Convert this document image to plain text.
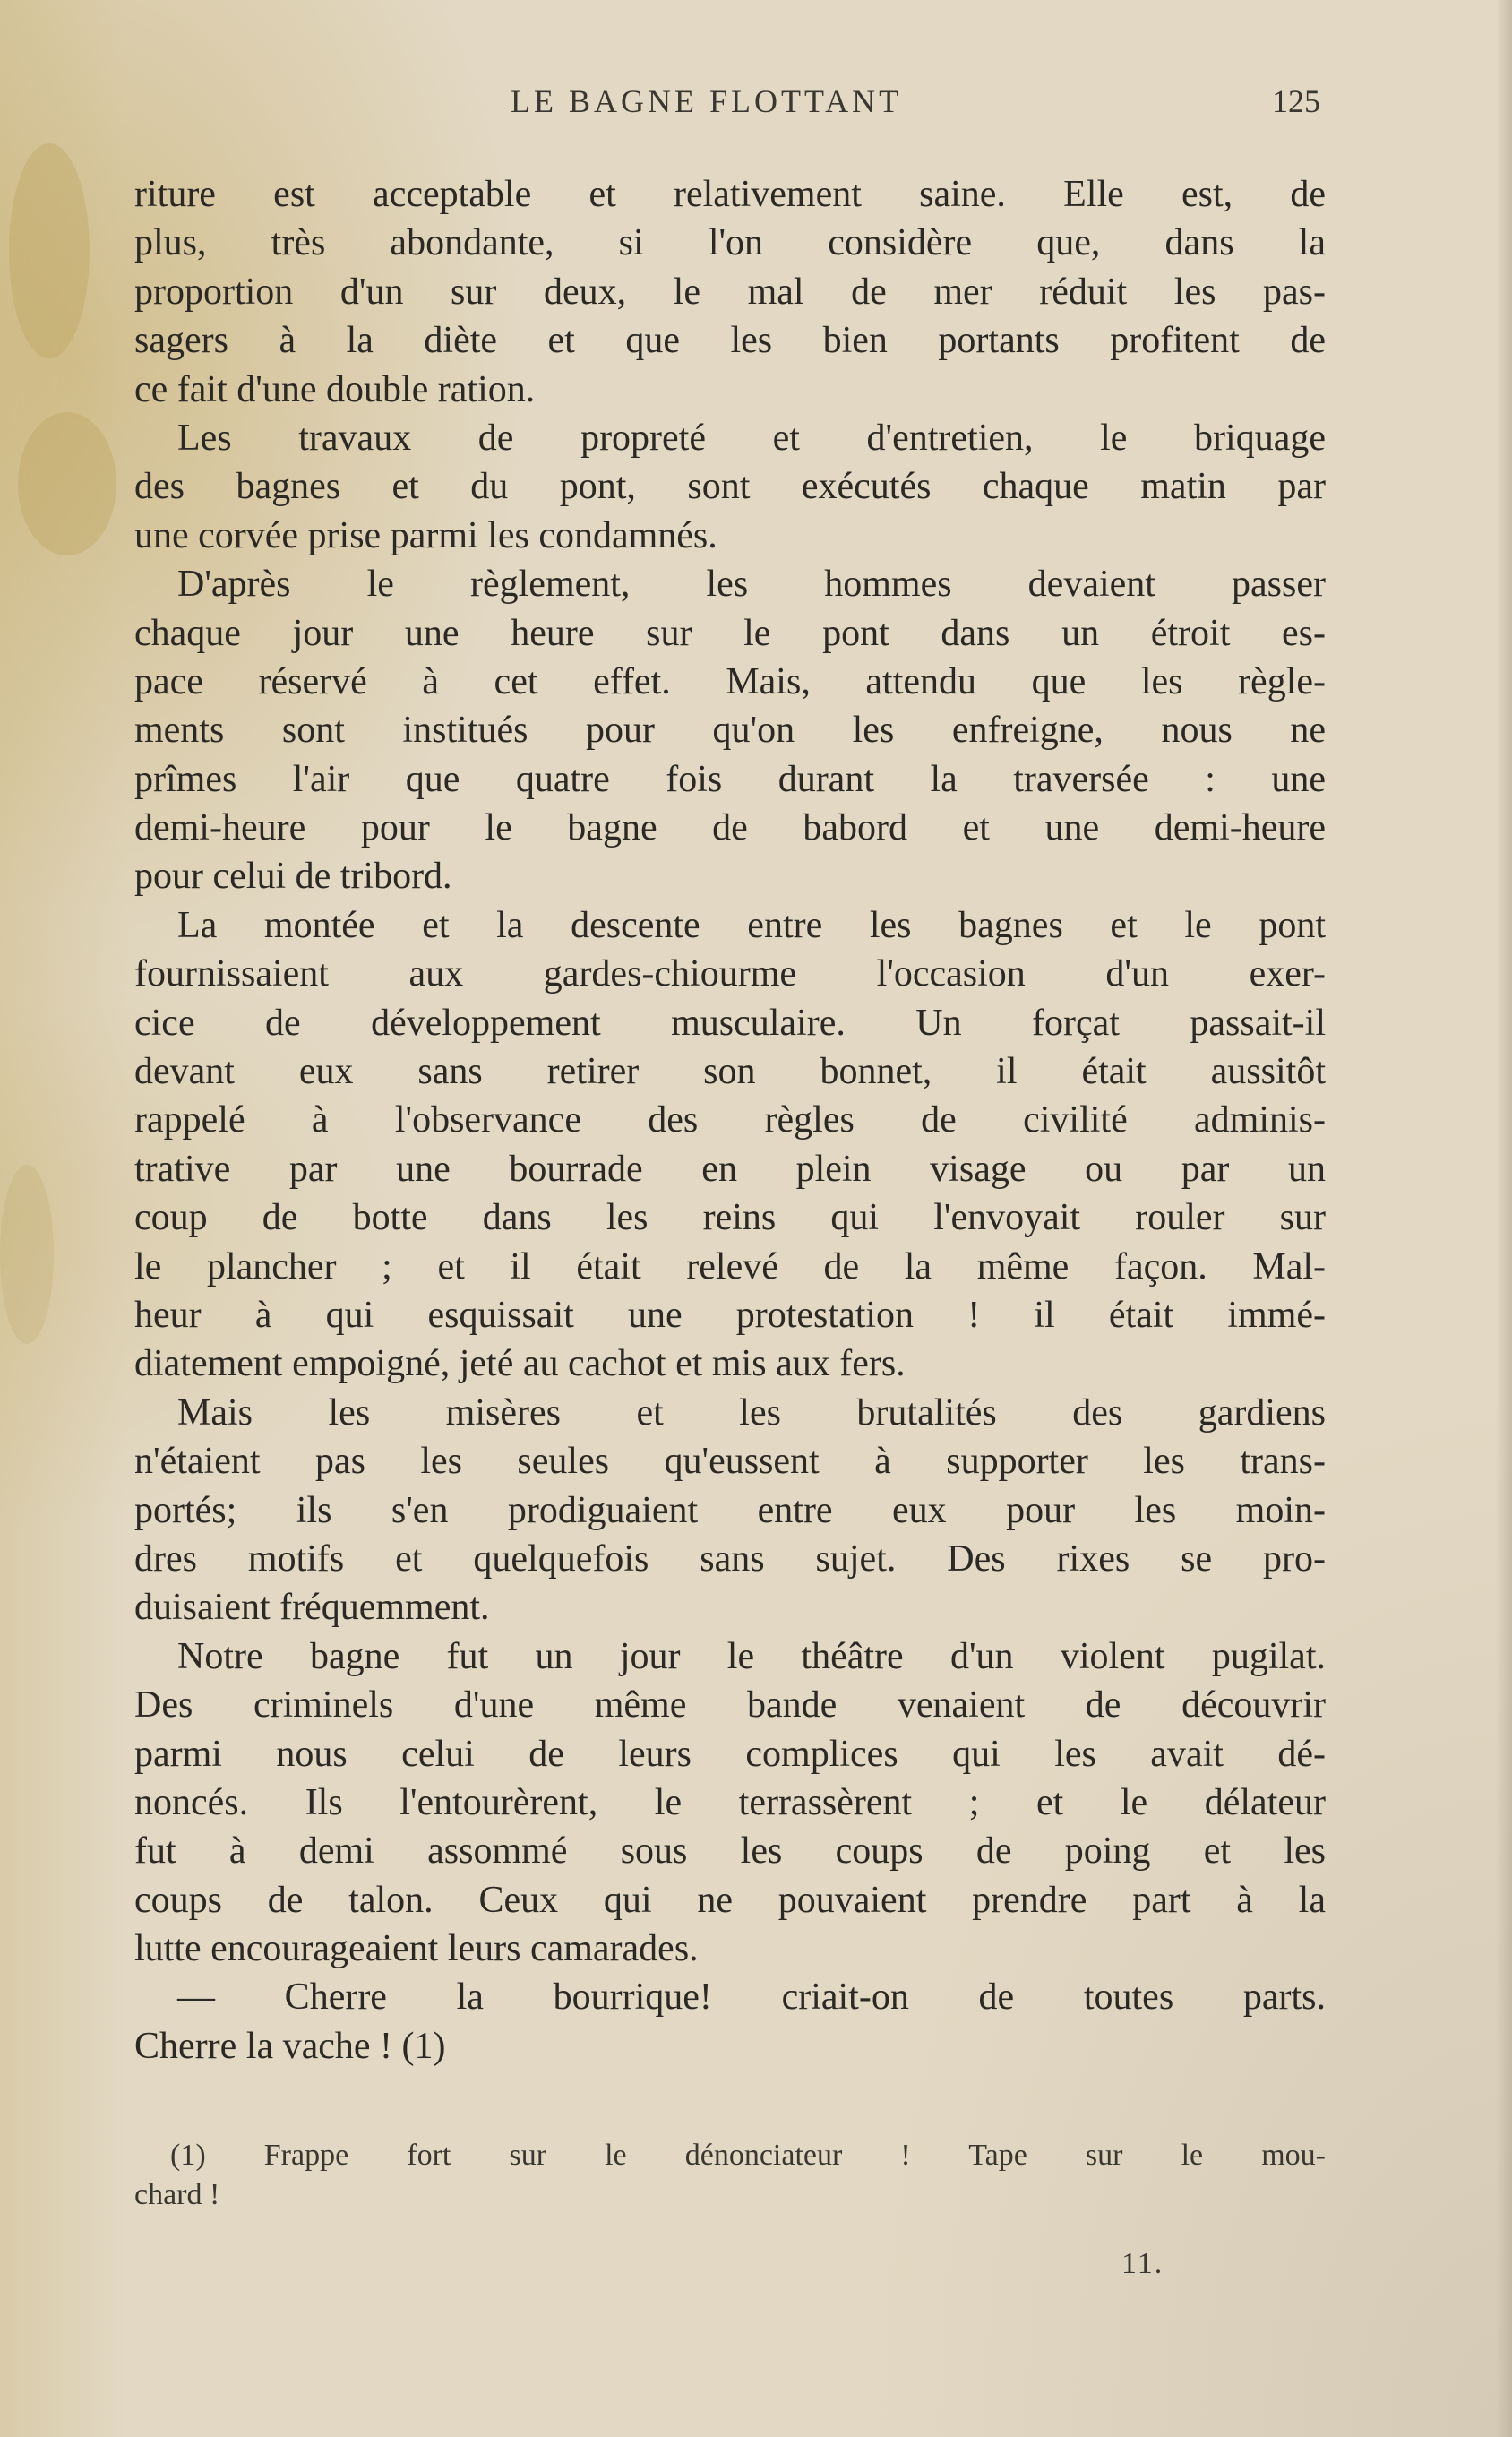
LE BAGNE FLOTTANT	125
riture est acceptable et relativement saine. Elle est, de
plus, très abondante, si l'on considère que, dans la
proportion d'un sur deux, le mal de mer réduit les pas-
sagers à la diète et que les bien portants profitent de
ce fait d'une double ration.
Les travaux de propreté et d'entretien, le briquage
des bagnes et du pont, sont exécutés chaque matin par
une corvée prise parmi les condamnés.
D'après le règlement, les hommes devaient passer
chaque jour une heure sur le pont dans un étroit es-
pace réservé à cet effet. Mais, attendu que les règle-
ments sont institués pour qu'on les enfreigne, nous ne
prîmes l'air que quatre fois durant la traversée : une
demi-heure pour le bagne de babord et une demi-heure
pour celui de tribord.
La montée et la descente entre les bagnes et le pont
fournissaient aux gardes-chiourme l'occasion d'un exer-
cice de développement musculaire. Un forçat passait-il
devant eux sans retirer son bonnet, il était aussitôt
rappelé à l'observance des règles de civilité adminis-
trative par une bourrade en plein visage ou par un
coup de botte dans les reins qui l'envoyait rouler sur
le plancher ; et il était relevé de la même façon. Mal-
heur à qui esquissait une protestation ! il était immé-
diatement empoigné, jeté au cachot et mis aux fers.
Mais les misères et les brutalités des gardiens
n'étaient pas les seules qu'eussent à supporter les trans-
portés; ils s'en prodiguaient entre eux pour les moin-
dres motifs et quelquefois sans sujet. Des rixes se pro-
duisaient fréquemment.
Notre bagne fut un jour le théâtre d'un violent pugilat.
Des criminels d'une même bande venaient de découvrir
parmi nous celui de leurs complices qui les avait dé-
noncés. Ils l'entourèrent, le terrassèrent ; et le délateur
fut à demi assommé sous les coups de poing et les
coups de talon. Ceux qui ne pouvaient prendre part à la
lutte encourageaient leurs camarades.
— Cherre la bourrique! criait-on de toutes parts.
Cherre la vache ! (1)
(1) Frappe fort sur le dénonciateur ! Tape sur le mou-
chard !
11.
